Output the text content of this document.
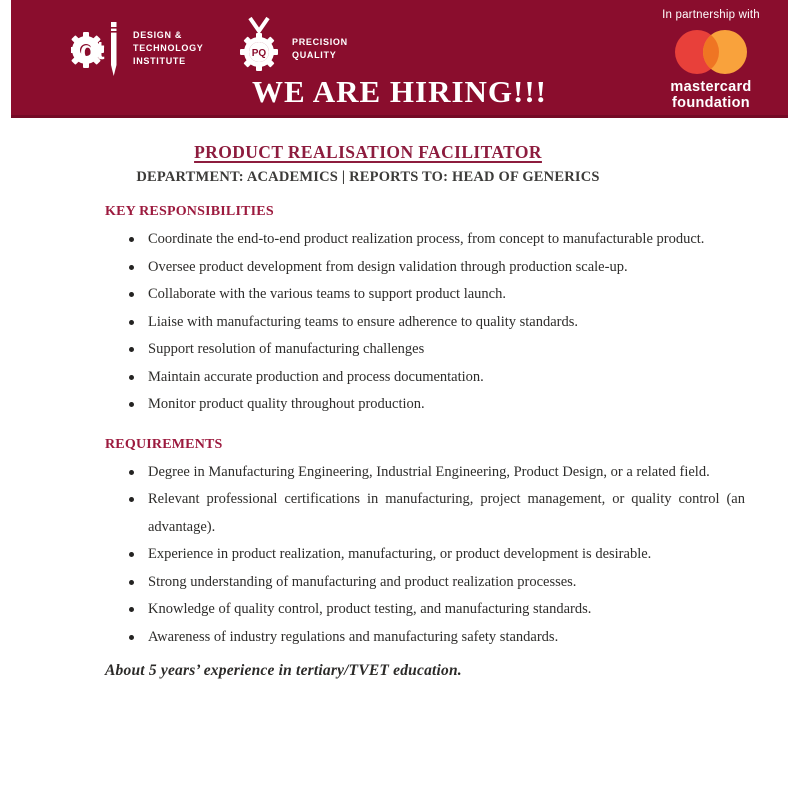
dt	DESIGN &
TECHNOLOGY
INSTITUTE
PQ
PRECISION
QUALITY
WE ARE HIRING!!!
In partnership with
mastercard
foundation
PRODUCT REALISATION FACILITATOR
DEPARTMENT: ACADEMICS | REPORTS TO: HEAD OF GENERICS
KEY RESPONSIBILITIES
Coordinate the end-to-end product realization process, from concept to manufacturable product.
Oversee product development from design validation through production scale-up.
Collaborate with the various teams to support product launch.
Liaise with manufacturing teams to ensure adherence to quality standards.
Support resolution of manufacturing challenges
Maintain accurate production and process documentation.
Monitor product quality throughout production.
REQUIREMENTS
Degree in Manufacturing Engineering, Industrial Engineering, Product Design, or a related field.
Relevant professional certifications in manufacturing, project management, or quality control (an advantage).
Experience in product realization, manufacturing, or product development is desirable.
Strong understanding of manufacturing and product realization processes.
Knowledge of quality control, product testing, and manufacturing standards.
Awareness of industry regulations and manufacturing safety standards.

About 5 years’ experience in tertiary/TVET education.
